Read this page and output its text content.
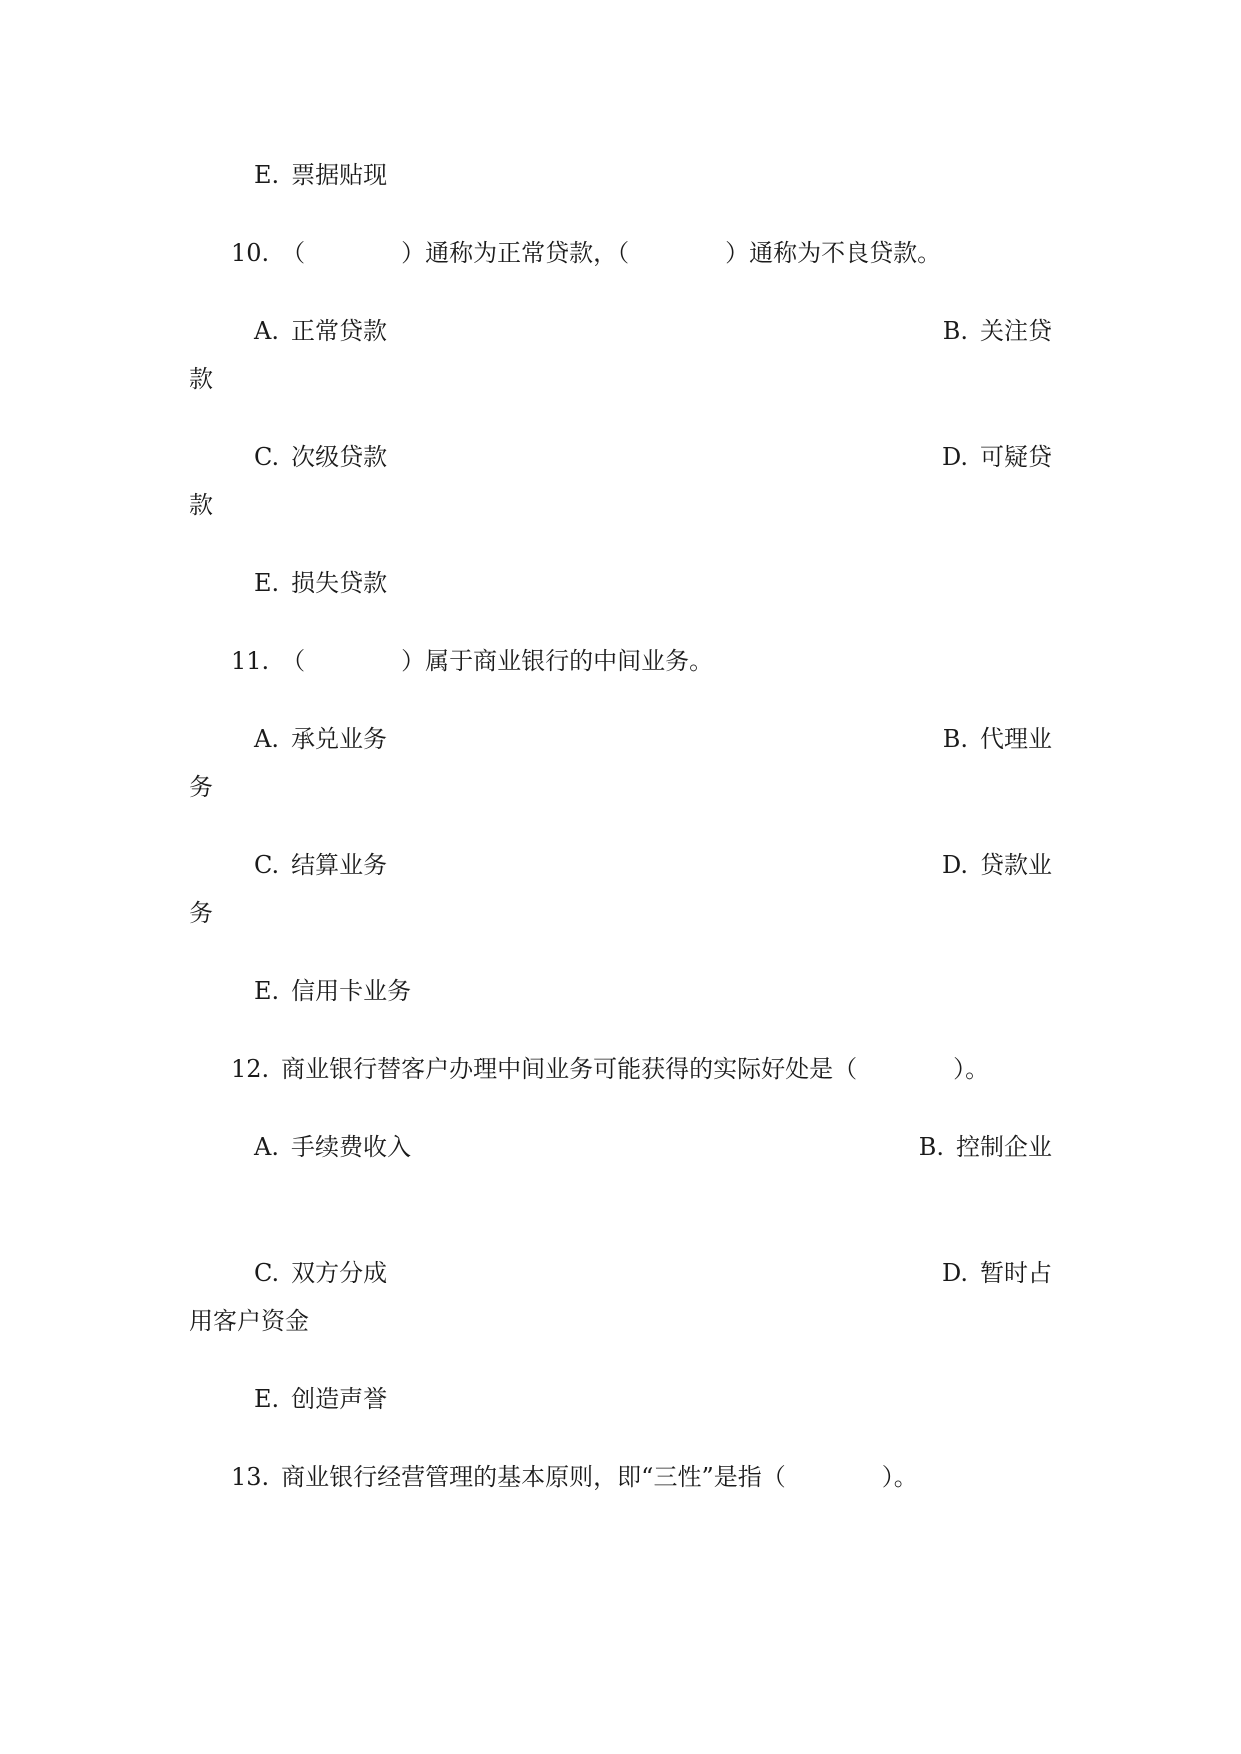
E. 票据贴现
10. （	）通称为正常贷款，（	）通称为不良贷款。
A. 正常贷款	B. 关注贷
款
C. 次级贷款	D. 可疑贷
款
E. 损失贷款
11. （	）属于商业银行的中间业务。
A. 承兑业务	B. 代理业
务
C. 结算业务	D. 贷款业
务
E. 信用卡业务
12. 商业银行替客户办理中间业务可能获得的实际好处是（	）。
A. 手续费收入	B. 控制企业
C. 双方分成	D. 暂时占
用客户资金
E. 创造声誉
13. 商业银行经营管理的基本原则，即“三性”是指（	）。
